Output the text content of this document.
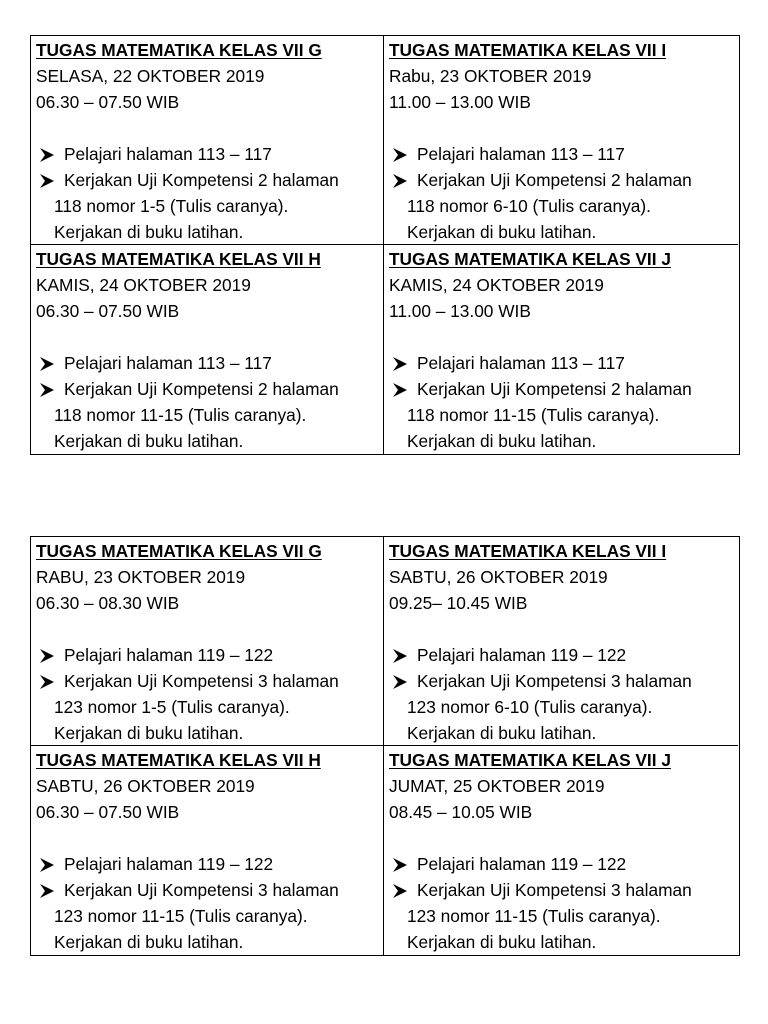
TUGAS MATEMATIKA KELAS VII G
SELASA, 22 OKTOBER 2019
06.30 – 07.50 WIB
Pelajari halaman 113 – 117
Kerjakan Uji Kompetensi 2 halaman
118 nomor 1-5 (Tulis caranya).
Kerjakan di buku latihan.
TUGAS MATEMATIKA KELAS VII I
Rabu, 23 OKTOBER 2019
11.00 – 13.00 WIB
Pelajari halaman 113 – 117
Kerjakan Uji Kompetensi 2 halaman
118 nomor 6-10 (Tulis caranya).
Kerjakan di buku latihan.
TUGAS MATEMATIKA KELAS VII H
KAMIS, 24 OKTOBER 2019
06.30 – 07.50 WIB
Pelajari halaman 113 – 117
Kerjakan Uji Kompetensi 2 halaman
118 nomor 11-15 (Tulis caranya).
Kerjakan di buku latihan.
TUGAS MATEMATIKA KELAS VII J
KAMIS, 24 OKTOBER 2019
11.00 – 13.00 WIB
Pelajari halaman 113 – 117
Kerjakan Uji Kompetensi 2 halaman
118 nomor 11-15 (Tulis caranya).
Kerjakan di buku latihan.
TUGAS MATEMATIKA KELAS VII G
RABU, 23 OKTOBER 2019
06.30 – 08.30 WIB
Pelajari halaman 119 – 122
Kerjakan Uji Kompetensi 3 halaman
123 nomor 1-5 (Tulis caranya).
Kerjakan di buku latihan.
TUGAS MATEMATIKA KELAS VII I
SABTU, 26 OKTOBER 2019
09.25– 10.45 WIB
Pelajari halaman 119 – 122
Kerjakan Uji Kompetensi 3 halaman
123 nomor 6-10 (Tulis caranya).
Kerjakan di buku latihan.
TUGAS MATEMATIKA KELAS VII H
SABTU, 26 OKTOBER 2019
06.30 – 07.50 WIB
Pelajari halaman 119 – 122
Kerjakan Uji Kompetensi 3 halaman
123 nomor 11-15 (Tulis caranya).
Kerjakan di buku latihan.
TUGAS MATEMATIKA KELAS VII J
JUMAT, 25 OKTOBER 2019
08.45 – 10.05 WIB
Pelajari halaman 119 – 122
Kerjakan Uji Kompetensi 3 halaman
123 nomor 11-15 (Tulis caranya).
Kerjakan di buku latihan.
